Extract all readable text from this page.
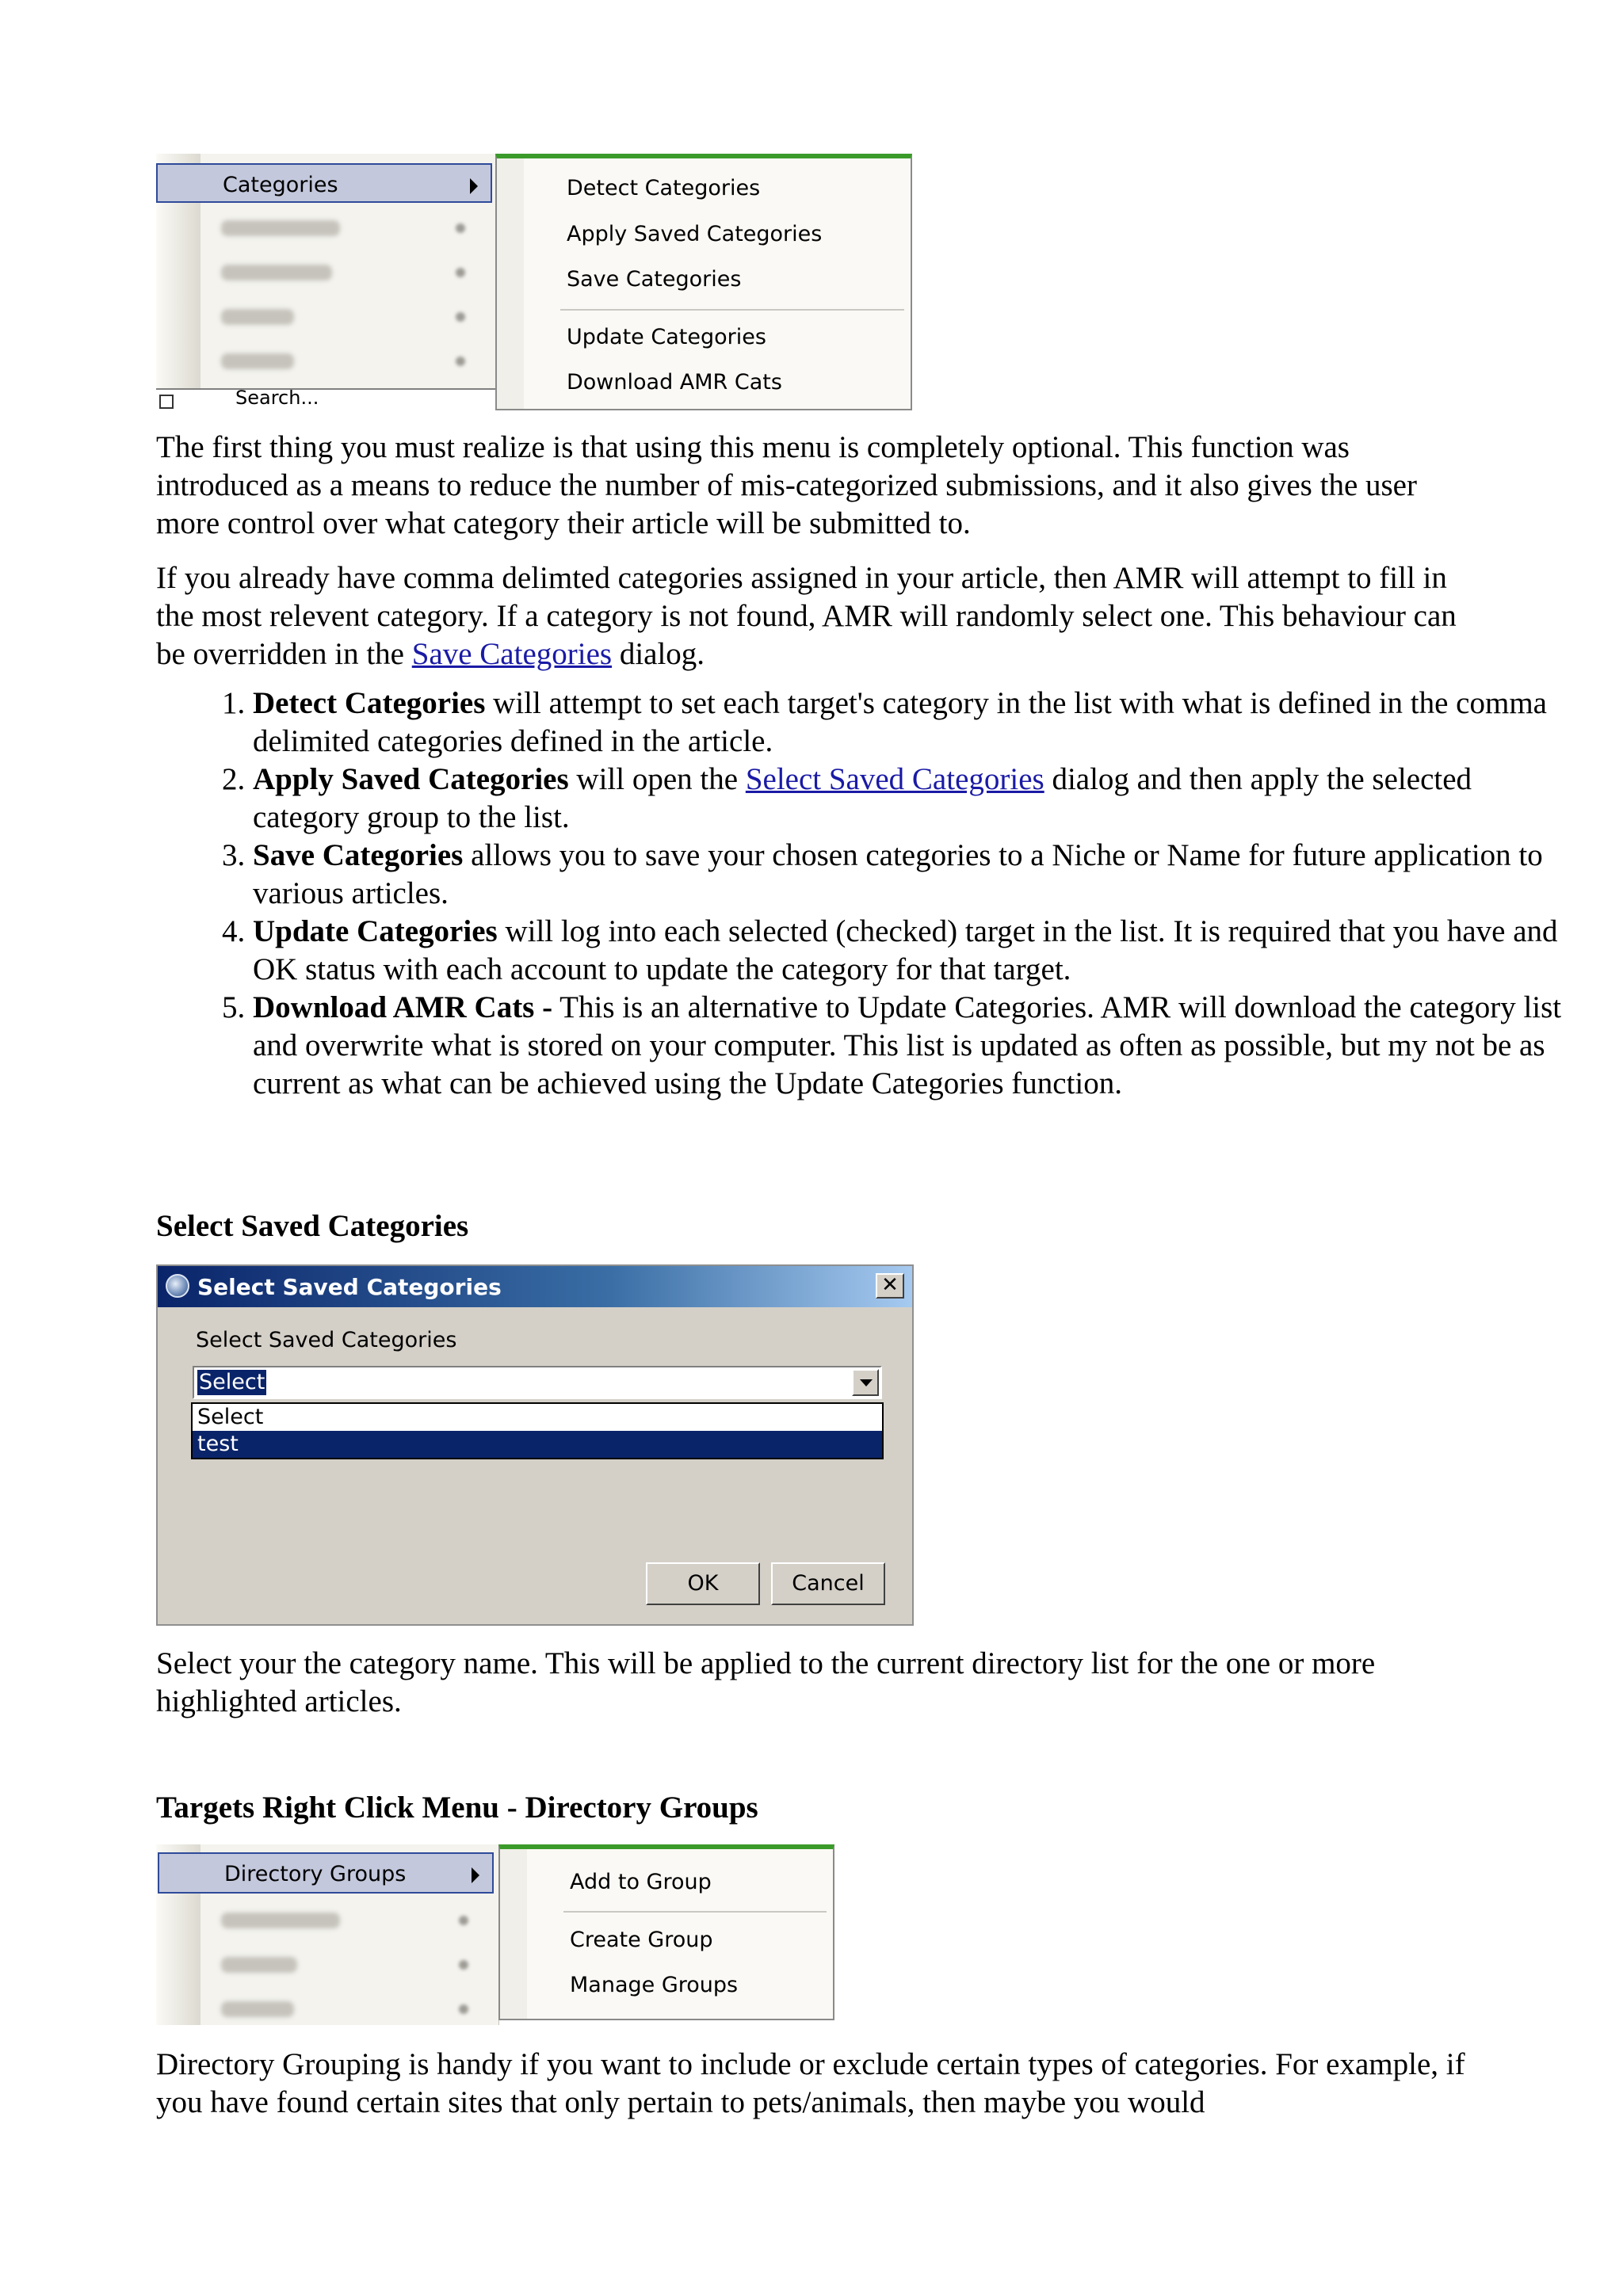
Categories
Search...
Detect Categories
Apply Saved Categories
Save Categories
Update Categories
Download AMR Cats

The first thing you must realize is that using this menu is completely optional. This function was introduced as a means to reduce the number of mis-categorized submissions, and it also gives the user more control over what category their article will be submitted to.

If you already have comma delimted categories assigned in your article, then AMR will attempt to fill in the most relevent category. If a category is not found, AMR will randomly select one. This behaviour can be overridden in the Save Categories dialog.

1. Detect Categories will attempt to set each target's category in the list with what is defined in the comma delimited categories defined in the article.
2. Apply Saved Categories will open the Select Saved Categories dialog and then apply the selected category group to the list.
3. Save Categories allows you to save your chosen categories to a Niche or Name for future application to various articles.
4. Update Categories will log into each selected (checked) target in the list. It is required that you have and OK status with each account to update the category for that target.
5. Download AMR Cats - This is an alternative to Update Categories. AMR will download the category list and overwrite what is stored on your computer. This list is updated as often as possible, but my not be as current as what can be achieved using the Update Categories function.
Select Saved Categories
Select Saved Categories	✕
Select Saved Categories
Select
Select
test
OK	Cancel

Select your the category name. This will be applied to the current directory list for the one or more highlighted articles.

Targets Right Click Menu - Directory Groups
Directory Groups	Add to Group
Create Group
Manage Groups

Directory Grouping is handy if you want to include or exclude certain types of categories. For example, if you have found certain sites that only pertain to pets/animals, then maybe you would
